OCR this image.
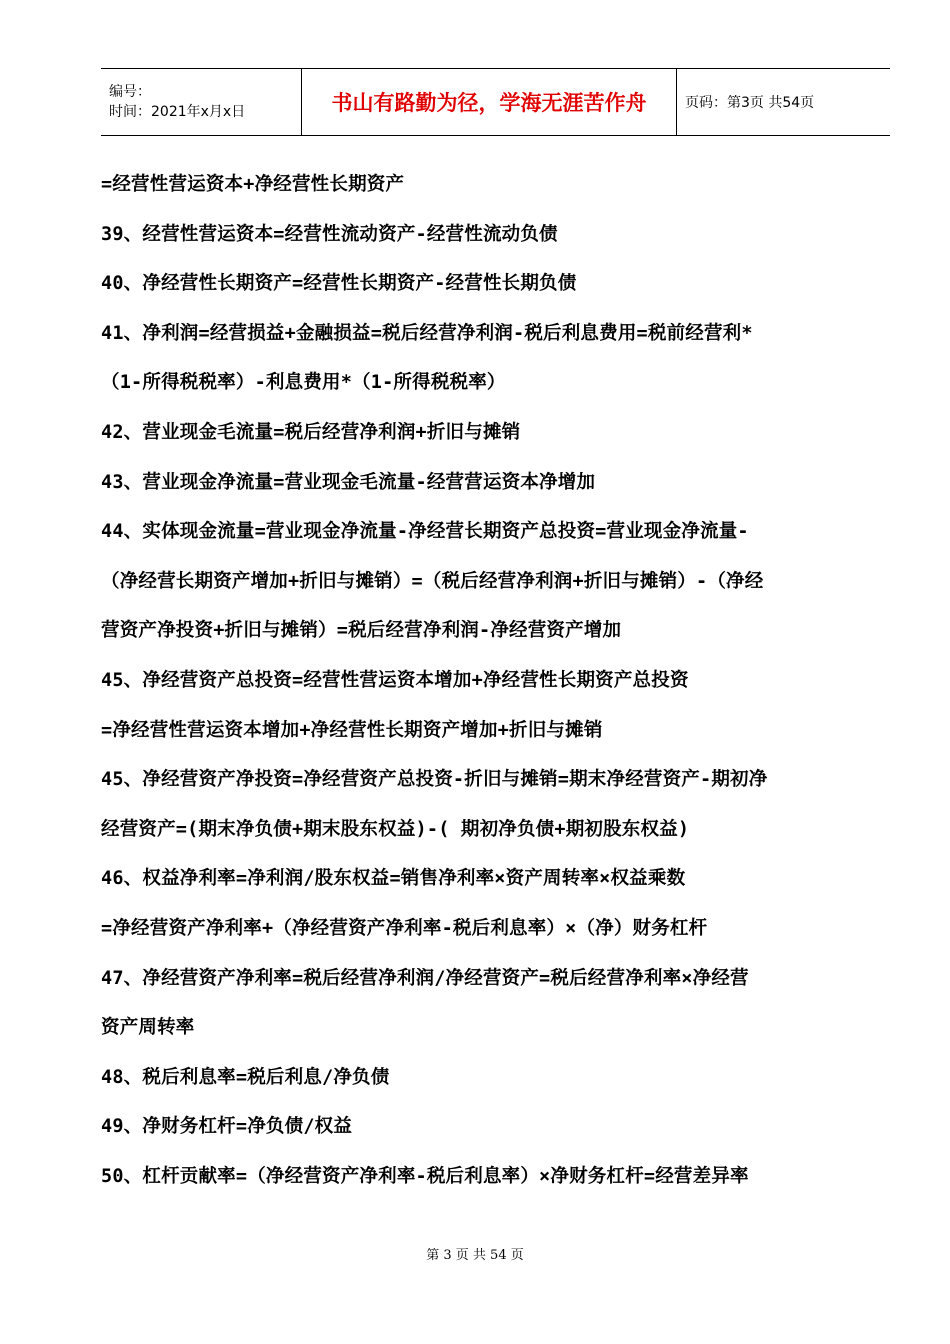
编号：
时间：2021年x月x日	书山有路勤为径，学海无涯苦作舟	页码：第3页 共54页
=经营性营运资本+净经营性长期资产
39、经营性营运资本=经营性流动资产-经营性流动负债
40、净经营性长期资产=经营性长期资产-经营性长期负债
41、净利润=经营损益+金融损益=税后经营净利润-税后利息费用=税前经营利*
（1-所得税税率）-利息费用*（1-所得税税率）
42、营业现金毛流量=税后经营净利润+折旧与摊销
43、营业现金净流量=营业现金毛流量-经营营运资本净增加
44、实体现金流量=营业现金净流量-净经营长期资产总投资=营业现金净流量-
（净经营长期资产增加+折旧与摊销）=（税后经营净利润+折旧与摊销）-（净经
营资产净投资+折旧与摊销）=税后经营净利润-净经营资产增加
45、净经营资产总投资=经营性营运资本增加+净经营性长期资产总投资
=净经营性营运资本增加+净经营性长期资产增加+折旧与摊销
45、净经营资产净投资=净经营资产总投资-折旧与摊销=期末净经营资产-期初净
经营资产=(期末净负债+期末股东权益)-( 期初净负债+期初股东权益)
46、权益净利率=净利润/股东权益=销售净利率×资产周转率×权益乘数
=净经营资产净利率+（净经营资产净利率-税后利息率）×（净）财务杠杆
47、净经营资产净利率=税后经营净利润/净经营资产=税后经营净利率×净经营
资产周转率
48、税后利息率=税后利息/净负债
49、净财务杠杆=净负债/权益
50、杠杆贡献率=（净经营资产净利率-税后利息率）×净财务杠杆=经营差异率
第 3 页 共 54 页
